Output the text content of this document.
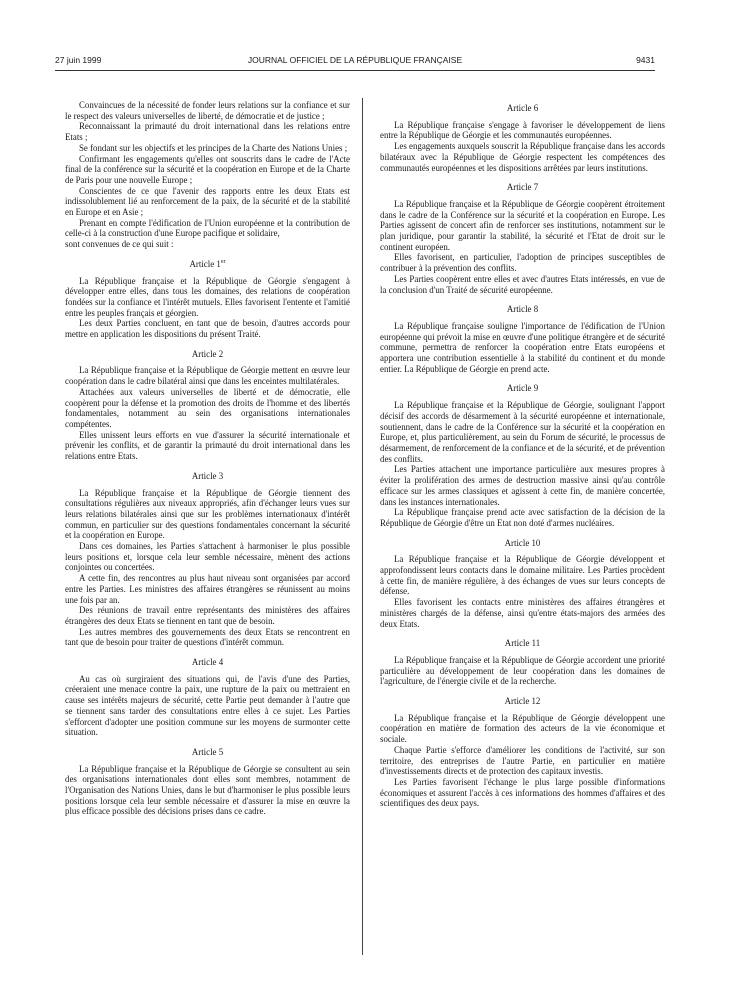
27 juin 1999	JOURNAL OFFICIEL DE LA RÉPUBLIQUE FRANÇAISE	9431

Convaincues de la nécessité de fonder leurs relations sur la confiance et sur le respect des valeurs universelles de liberté, de démocratie et de justice ;

Reconnaissant la primauté du droit international dans les relations entre Etats ;

Se fondant sur les objectifs et les principes de la Charte des Nations Unies ;

Confirmant les engagements qu'elles ont souscrits dans le cadre de l'Acte final de la conférence sur la sécurité et la coopération en Europe et de la Charte de Paris pour une nouvelle Europe ;

Conscientes de ce que l'avenir des rapports entre les deux Etats est indissolublement lié au renforcement de la paix, de la sécurité et de la stabilité en Europe et en Asie ;

Prenant en compte l'édification de l'Union européenne et la contribution de celle-ci à la construction d'une Europe pacifique et solidaire,

sont convenues de ce qui suit :

Article 1er

La République française et la République de Géorgie s'engagent à développer entre elles, dans tous les domaines, des relations de coopération fondées sur la confiance et l'intérêt mutuels. Elles favorisent l'entente et l'amitié entre les peuples français et géorgien.

Les deux Parties concluent, en tant que de besoin, d'autres accords pour mettre en application les dispositions du présent Traité.

Article 2

La République française et la République de Géorgie mettent en œuvre leur coopération dans le cadre bilatéral ainsi que dans les enceintes multilatérales.

Attachées aux valeurs universelles de liberté et de démocratie, elle coopèrent pour la défense et la promotion des droits de l'homme et des libertés fondamentales, notamment au sein des organisations internationales compétentes.

Elles unissent leurs efforts en vue d'assurer la sécurité internationale et prévenir les conflits, et de garantir la primauté du droit international dans les relations entre Etats.

Article 3

La République française et la République de Géorgie tiennent des consultations régulières aux niveaux appropriés, afin d'échanger leurs vues sur leurs relations bilatérales ainsi que sur les problèmes internationaux d'intérêt commun, en particulier sur des questions fondamentales concernant la sécurité et la coopération en Europe.

Dans ces domaines, les Parties s'attachent à harmoniser le plus possible leurs positions et, lorsque cela leur semble nécessaire, mènent des actions conjointes ou concertées.

A cette fin, des rencontres au plus haut niveau sont organisées par accord entre les Parties. Les ministres des affaires étrangères se réunissent au moins une fois par an.

Des réunions de travail entre représentants des ministères des affaires étrangères des deux Etats se tiennent en tant que de besoin.

Les autres membres des gouvernements des deux Etats se rencontrent en tant que de besoin pour traiter de questions d'intérêt commun.

Article 4

Au cas où surgiraient des situations qui, de l'avis d'une des Parties, créeraient une menace contre la paix, une rupture de la paix ou mettraient en cause ses intérêts majeurs de sécurité, cette Partie peut demander à l'autre que se tiennent sans tarder des consultations entre elles à ce sujet. Les Parties s'efforcent d'adopter une position commune sur les moyens de surmonter cette situation.

Article 5

La République française et la République de Géorgie se consultent au sein des organisations internationales dont elles sont membres, notamment de l'Organisation des Nations Unies, dans le but d'harmoniser le plus possible leurs positions lorsque cela leur semble nécessaire et d'assurer la mise en œuvre la plus efficace possible des décisions prises dans ce cadre.

Article 6

La République française s'engage à favoriser le développement de liens entre la République de Géorgie et les communautés européennes.

Les engagements auxquels souscrit la République française dans les accords bilatéraux avec la République de Géorgie respectent les compétences des communautés européennes et les dispositions arrêtées par leurs institutions.

Article 7

La République française et la République de Géorgie coopèrent étroitement dans le cadre de la Conférence sur la sécurité et la coopération en Europe. Les Parties agissent de concert afin de renforcer ses institutions, notamment sur le plan juridique, pour garantir la stabilité, la sécurité et l'Etat de droit sur le continent européen.

Elles favorisent, en particulier, l'adoption de principes susceptibles de contribuer à la prévention des conflits.

Les Parties coopèrent entre elles et avec d'autres Etats intéressés, en vue de la conclusion d'un Traité de sécurité européenne.

Article 8

La République française souligne l'importance de l'édification de l'Union européenne qui prévoit la mise en œuvre d'une politique étrangère et de sécurité commune, permettra de renforcer la coopération entre Etats européens et apportera une contribution essentielle à la stabilité du continent et du monde entier. La République de Géorgie en prend acte.

Article 9

La République française et la République de Géorgie, soulignant l'apport décisif des accords de désarmement à la sécurité européenne et internationale, soutiennent, dans le cadre de la Conférence sur la sécurité et la coopération en Europe, et, plus particulièrement, au sein du Forum de sécurité, le processus de désarmement, de renforcement de la confiance et de la sécurité, et de prévention des conflits.

Les Parties attachent une importance particulière aux mesures propres à éviter la prolifération des armes de destruction massive ainsi qu'au contrôle efficace sur les armes classiques et agissent à cette fin, de manière concertée, dans les instances internationales.

La République française prend acte avec satisfaction de la décision de la République de Géorgie d'être un Etat non doté d'armes nucléaires.

Article 10

La République française et la République de Géorgie développent et approfondissent leurs contacts dans le domaine militaire. Les Parties procèdent à cette fin, de manière régulière, à des échanges de vues sur leurs concepts de défense.

Elles favorisent les contacts entre ministères des affaires étrangères et ministères chargés de la défense, ainsi qu'entre états-majors des armées des deux Etats.

Article 11

La République française et la République de Géorgie accordent une priorité particulière au développement de leur coopération dans les domaines de l'agriculture, de l'énergie civile et de la recherche.

Article 12

La République française et la République de Géorgie développent une coopération en matière de formation des acteurs de la vie économique et sociale.

Chaque Partie s'efforce d'améliorer les conditions de l'activité, sur son territoire, des entreprises de l'autre Partie, en particulier en matière d'investissements directs et de protection des capitaux investis.

Les Parties favorisent l'échange le plus large possible d'informations économiques et assurent l'accès à ces informations des hommes d'affaires et des scientifiques des deux pays.
